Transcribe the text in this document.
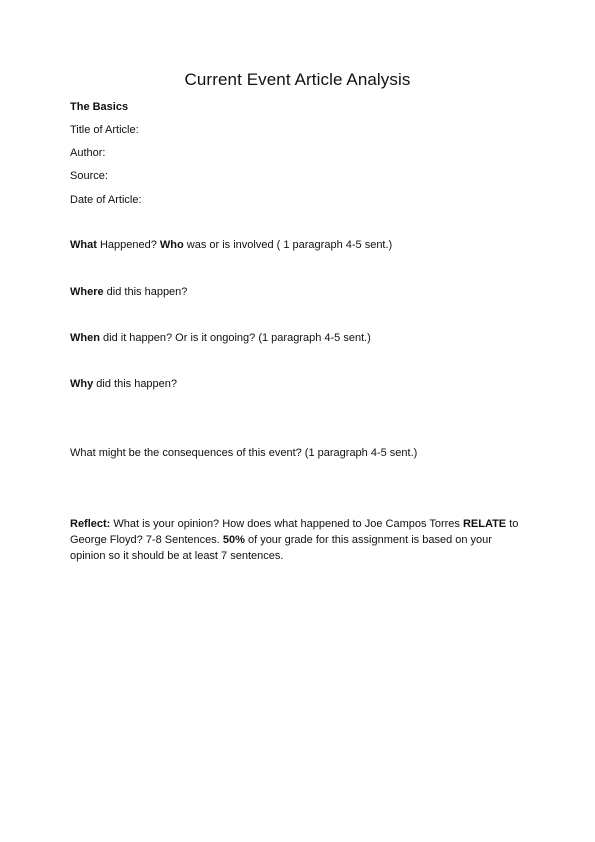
Current Event Article Analysis
The Basics
Title of Article:
Author:
Source:
Date of Article:
What Happened? Who was or is involved ( 1 paragraph 4-5 sent.)
Where did this happen?
When did it happen? Or is it ongoing? (1 paragraph 4-5 sent.)
Why did this happen?
What might be the consequences of this event? (1 paragraph 4-5 sent.)
Reflect: What is your opinion? How does what happened to Joe Campos Torres RELATE to George Floyd? 7-8 Sentences. 50% of your grade for this assignment is based on your opinion so it should be at least 7 sentences.
